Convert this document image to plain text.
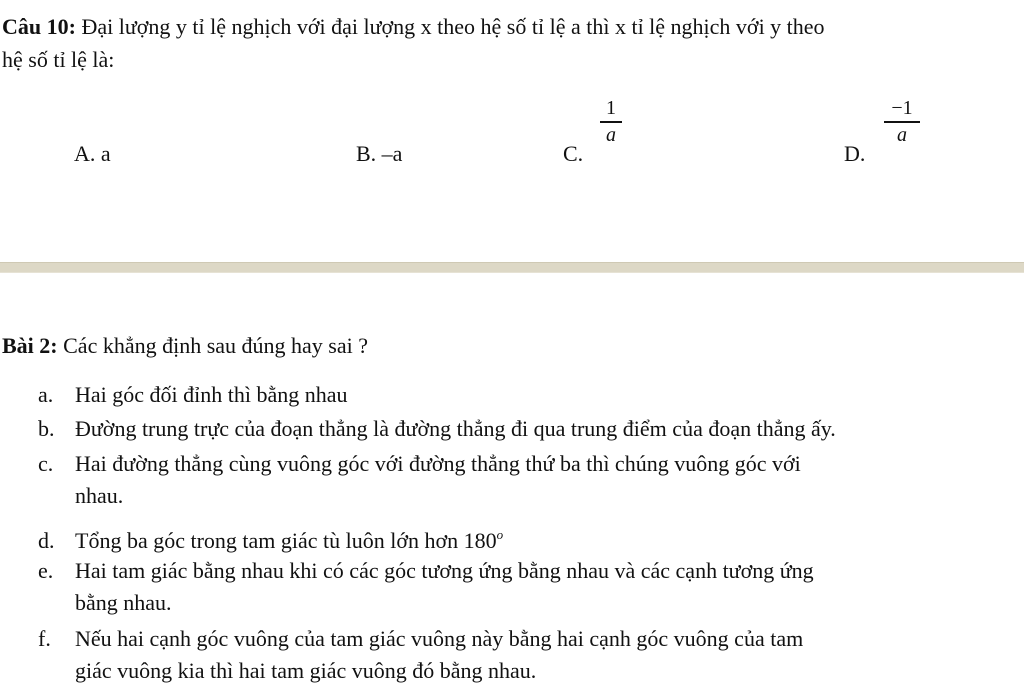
Câu 10: Đại lượng y tỉ lệ nghịch với đại lượng x theo hệ số tỉ lệ a thì x tỉ lệ nghịch với y theo

hệ số tỉ lệ là:

A. a	B. –a	C.
1
a
D.
−1
a
Bài 2: Các khẳng định sau đúng hay sai ?
a. Hai góc đối đỉnh thì bằng nhau
b. Đường trung trực của đoạn thẳng là đường thẳng đi qua trung điểm của đoạn thẳng ấy.
c. Hai đường thẳng cùng vuông góc với đường thẳng thứ ba thì chúng vuông góc với
nhau.
d. Tổng ba góc trong tam giác tù luôn lớn hơn 180$^o$
e. Hai tam giác bằng nhau khi có các góc tương ứng bằng nhau và các cạnh tương ứng
bằng nhau.
f. Nếu hai cạnh góc vuông của tam giác vuông này bằng hai cạnh góc vuông của tam
giác vuông kia thì hai tam giác vuông đó bằng nhau.
